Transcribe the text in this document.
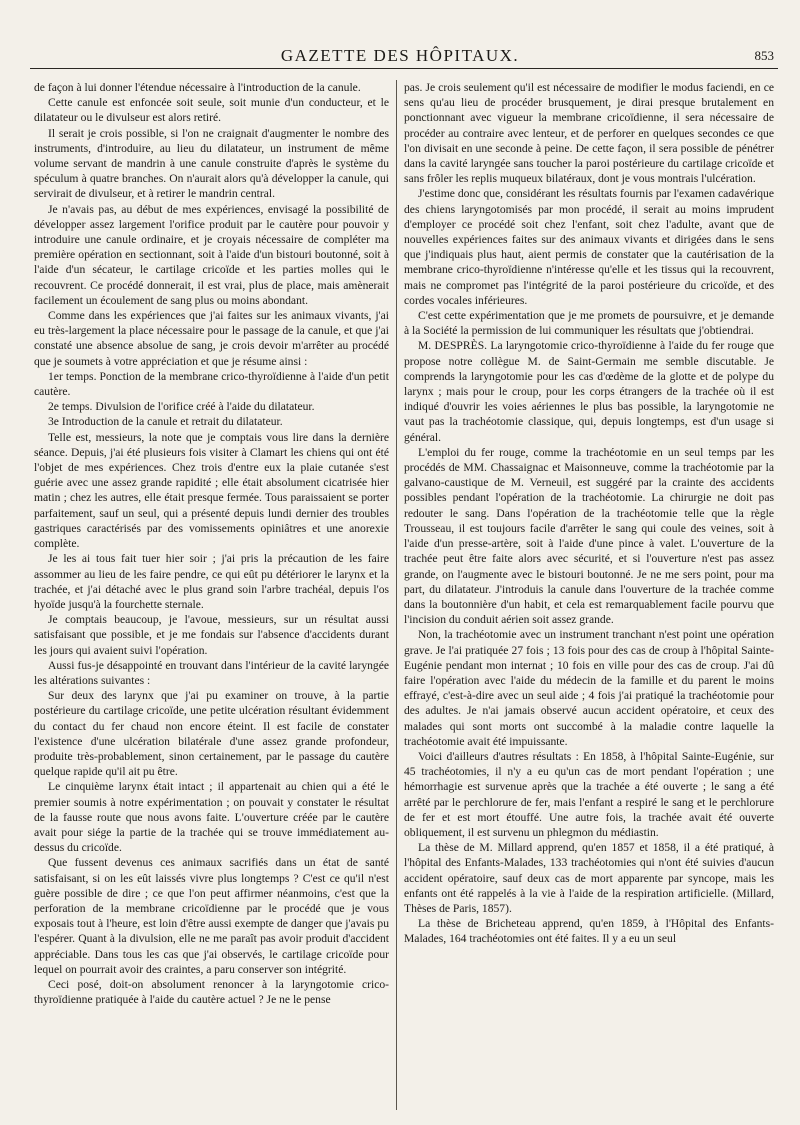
GAZETTE DES HÔPITAUX.	853

de façon à lui donner l'étendue nécessaire à l'introduction de la canule.

Cette canule est enfoncée soit seule, soit munie d'un conducteur, et le dilatateur ou le divulseur est alors retiré.

Il serait je crois possible, si l'on ne craignait d'augmenter le nombre des instruments, d'introduire, au lieu du dilatateur, un instrument de même volume servant de mandrin à une canule construite d'après le système du spéculum à quatre branches. On n'aurait alors qu'à développer la canule, qui servirait de divulseur, et à retirer le mandrin central.

Je n'avais pas, au début de mes expériences, envisagé la possibilité de développer assez largement l'orifice produit par le cautère pour pouvoir y introduire une canule ordinaire, et je croyais nécessaire de compléter ma première opération en sectionnant, soit à l'aide d'un bistouri boutonné, soit à l'aide d'un sécateur, le cartilage cricoïde et les parties molles qui le recouvrent. Ce procédé donnerait, il est vrai, plus de place, mais amènerait facilement un écoulement de sang plus ou moins abondant.

Comme dans les expériences que j'ai faites sur les animaux vivants, j'ai eu très-largement la place nécessaire pour le passage de la canule, et que j'ai constaté une absence absolue de sang, je crois devoir m'arrêter au procédé que je soumets à votre appréciation et que je résume ainsi :

1er temps. Ponction de la membrane crico-thyroïdienne à l'aide d'un petit cautère.

2e temps. Divulsion de l'orifice créé à l'aide du dilatateur.

3e Introduction de la canule et retrait du dilatateur.

Telle est, messieurs, la note que je comptais vous lire dans la dernière séance. Depuis, j'ai été plusieurs fois visiter à Clamart les chiens qui ont été l'objet de mes expériences. Chez trois d'entre eux la plaie cutanée s'est guérie avec une assez grande rapidité ; elle était absolument cicatrisée hier matin ; chez les autres, elle était presque fermée. Tous paraissaient se porter parfaitement, sauf un seul, qui a présenté depuis lundi dernier des troubles gastriques caractérisés par des vomissements opiniâtres et une anorexie complète.

Je les ai tous fait tuer hier soir ; j'ai pris la précaution de les faire assommer au lieu de les faire pendre, ce qui eût pu détériorer le larynx et la trachée, et j'ai détaché avec le plus grand soin l'arbre trachéal, depuis l'os hyoïde jusqu'à la fourchette sternale.

Je comptais beaucoup, je l'avoue, messieurs, sur un résultat aussi satisfaisant que possible, et je me fondais sur l'absence d'accidents durant les jours qui avaient suivi l'opération.

Aussi fus-je désappointé en trouvant dans l'intérieur de la cavité laryngée les altérations suivantes :

Sur deux des larynx que j'ai pu examiner on trouve, à la partie postérieure du cartilage cricoïde, une petite ulcération résultant évidemment du contact du fer chaud non encore éteint. Il est facile de constater l'existence d'une ulcération bilatérale d'une assez grande profondeur, produite très-probablement, sinon certainement, par le passage du cautère quelque rapide qu'il ait pu être.

Le cinquième larynx était intact ; il appartenait au chien qui a été le premier soumis à notre expérimentation ; on pouvait y constater le résultat de la fausse route que nous avons faite. L'ouverture créée par le cautère avait pour siége la partie de la trachée qui se trouve immédiatement au-dessus du cricoïde.

Que fussent devenus ces animaux sacrifiés dans un état de santé satisfaisant, si on les eût laissés vivre plus longtemps ? C'est ce qu'il n'est guère possible de dire ; ce que l'on peut affirmer néanmoins, c'est que la perforation de la membrane cricoïdienne par le procédé que je vous exposais tout à l'heure, est loin d'être aussi exempte de danger que j'avais pu l'espérer. Quant à la divulsion, elle ne me paraît pas avoir produit d'accident appréciable. Dans tous les cas que j'ai observés, le cartilage cricoïde pour lequel on pourrait avoir des craintes, a paru conserver son intégrité.

Ceci posé, doit-on absolument renoncer à la laryngotomie crico-thyroïdienne pratiquée à l'aide du cautère actuel ? Je ne le pense

pas. Je crois seulement qu'il est nécessaire de modifier le modus faciendi, en ce sens qu'au lieu de procéder brusquement, je dirai presque brutalement en ponctionnant avec vigueur la membrane cricoïdienne, il sera nécessaire de procéder au contraire avec lenteur, et de perforer en quelques secondes ce que l'on divisait en une seconde à peine. De cette façon, il sera possible de pénétrer dans la cavité laryngée sans toucher la paroi postérieure du cartilage cricoïde et sans frôler les replis muqueux bilatéraux, dont je vous montrais l'ulcération.

J'estime donc que, considérant les résultats fournis par l'examen cadavérique des chiens laryngotomisés par mon procédé, il serait au moins imprudent d'employer ce procédé soit chez l'enfant, soit chez l'adulte, avant que de nouvelles expériences faites sur des animaux vivants et dirigées dans le sens que j'indiquais plus haut, aient permis de constater que la cautérisation de la membrane crico-thyroïdienne n'intéresse qu'elle et les tissus qui la recouvrent, mais ne compromet pas l'intégrité de la paroi postérieure du cricoïde, et des cordes vocales inférieures.

C'est cette expérimentation que je me promets de poursuivre, et je demande à la Société la permission de lui communiquer les résultats que j'obtiendrai.

M. DESPRÈS. La laryngotomie crico-thyroïdienne à l'aide du fer rouge que propose notre collègue M. de Saint-Germain me semble discutable. Je comprends la laryngotomie pour les cas d'œdème de la glotte et de polype du larynx ; mais pour le croup, pour les corps étrangers de la trachée où il est indiqué d'ouvrir les voies aériennes le plus bas possible, la laryngotomie ne vaut pas la trachéotomie classique, qui, depuis longtemps, est d'un usage si général.

L'emploi du fer rouge, comme la trachéotomie en un seul temps par les procédés de MM. Chassaignac et Maisonneuve, comme la trachéotomie par la galvano-caustique de M. Verneuil, est suggéré par la crainte des accidents possibles pendant l'opération de la trachéotomie. La chirurgie ne doit pas redouter le sang. Dans l'opération de la trachéotomie telle que la règle Trousseau, il est toujours facile d'arrêter le sang qui coule des veines, soit à l'aide d'un presse-artère, soit à l'aide d'une pince à valet. L'ouverture de la trachée peut être faite alors avec sécurité, et si l'ouverture n'est pas assez grande, on l'augmente avec le bistouri boutonné. Je ne me sers point, pour ma part, du dilatateur. J'introduis la canule dans l'ouverture de la trachée comme dans la boutonnière d'un habit, et cela est remarquablement facile pourvu que l'incision du conduit aérien soit assez grande.

Non, la trachéotomie avec un instrument tranchant n'est point une opération grave. Je l'ai pratiquée 27 fois ; 13 fois pour des cas de croup à l'hôpital Sainte-Eugénie pendant mon internat ; 10 fois en ville pour des cas de croup. J'ai dû faire l'opération avec l'aide du médecin de la famille et du parent le moins effrayé, c'est-à-dire avec un seul aide ; 4 fois j'ai pratiqué la trachéotomie pour des adultes. Je n'ai jamais observé aucun accident opératoire, et ceux des malades qui sont morts ont succombé à la maladie contre laquelle la trachéotomie avait été impuissante.

Voici d'ailleurs d'autres résultats : En 1858, à l'hôpital Sainte-Eugénie, sur 45 trachéotomies, il n'y a eu qu'un cas de mort pendant l'opération ; une hémorrhagie est survenue après que la trachée a été ouverte ; le sang a été arrêté par le perchlorure de fer, mais l'enfant a respiré le sang et le perchlorure de fer et est mort étouffé. Une autre fois, la trachée avait été ouverte obliquement, il est survenu un phlegmon du médiastin.

La thèse de M. Millard apprend, qu'en 1857 et 1858, il a été pratiqué, à l'hôpital des Enfants-Malades, 133 trachéotomies qui n'ont été suivies d'aucun accident opératoire, sauf deux cas de mort apparente par syncope, mais les enfants ont été rappelés à la vie à l'aide de la respiration artificielle. (Millard, Thèses de Paris, 1857).

La thèse de Bricheteau apprend, qu'en 1859, à l'Hôpital des Enfants-Malades, 164 trachéotomies ont été faites. Il y a eu un seul
